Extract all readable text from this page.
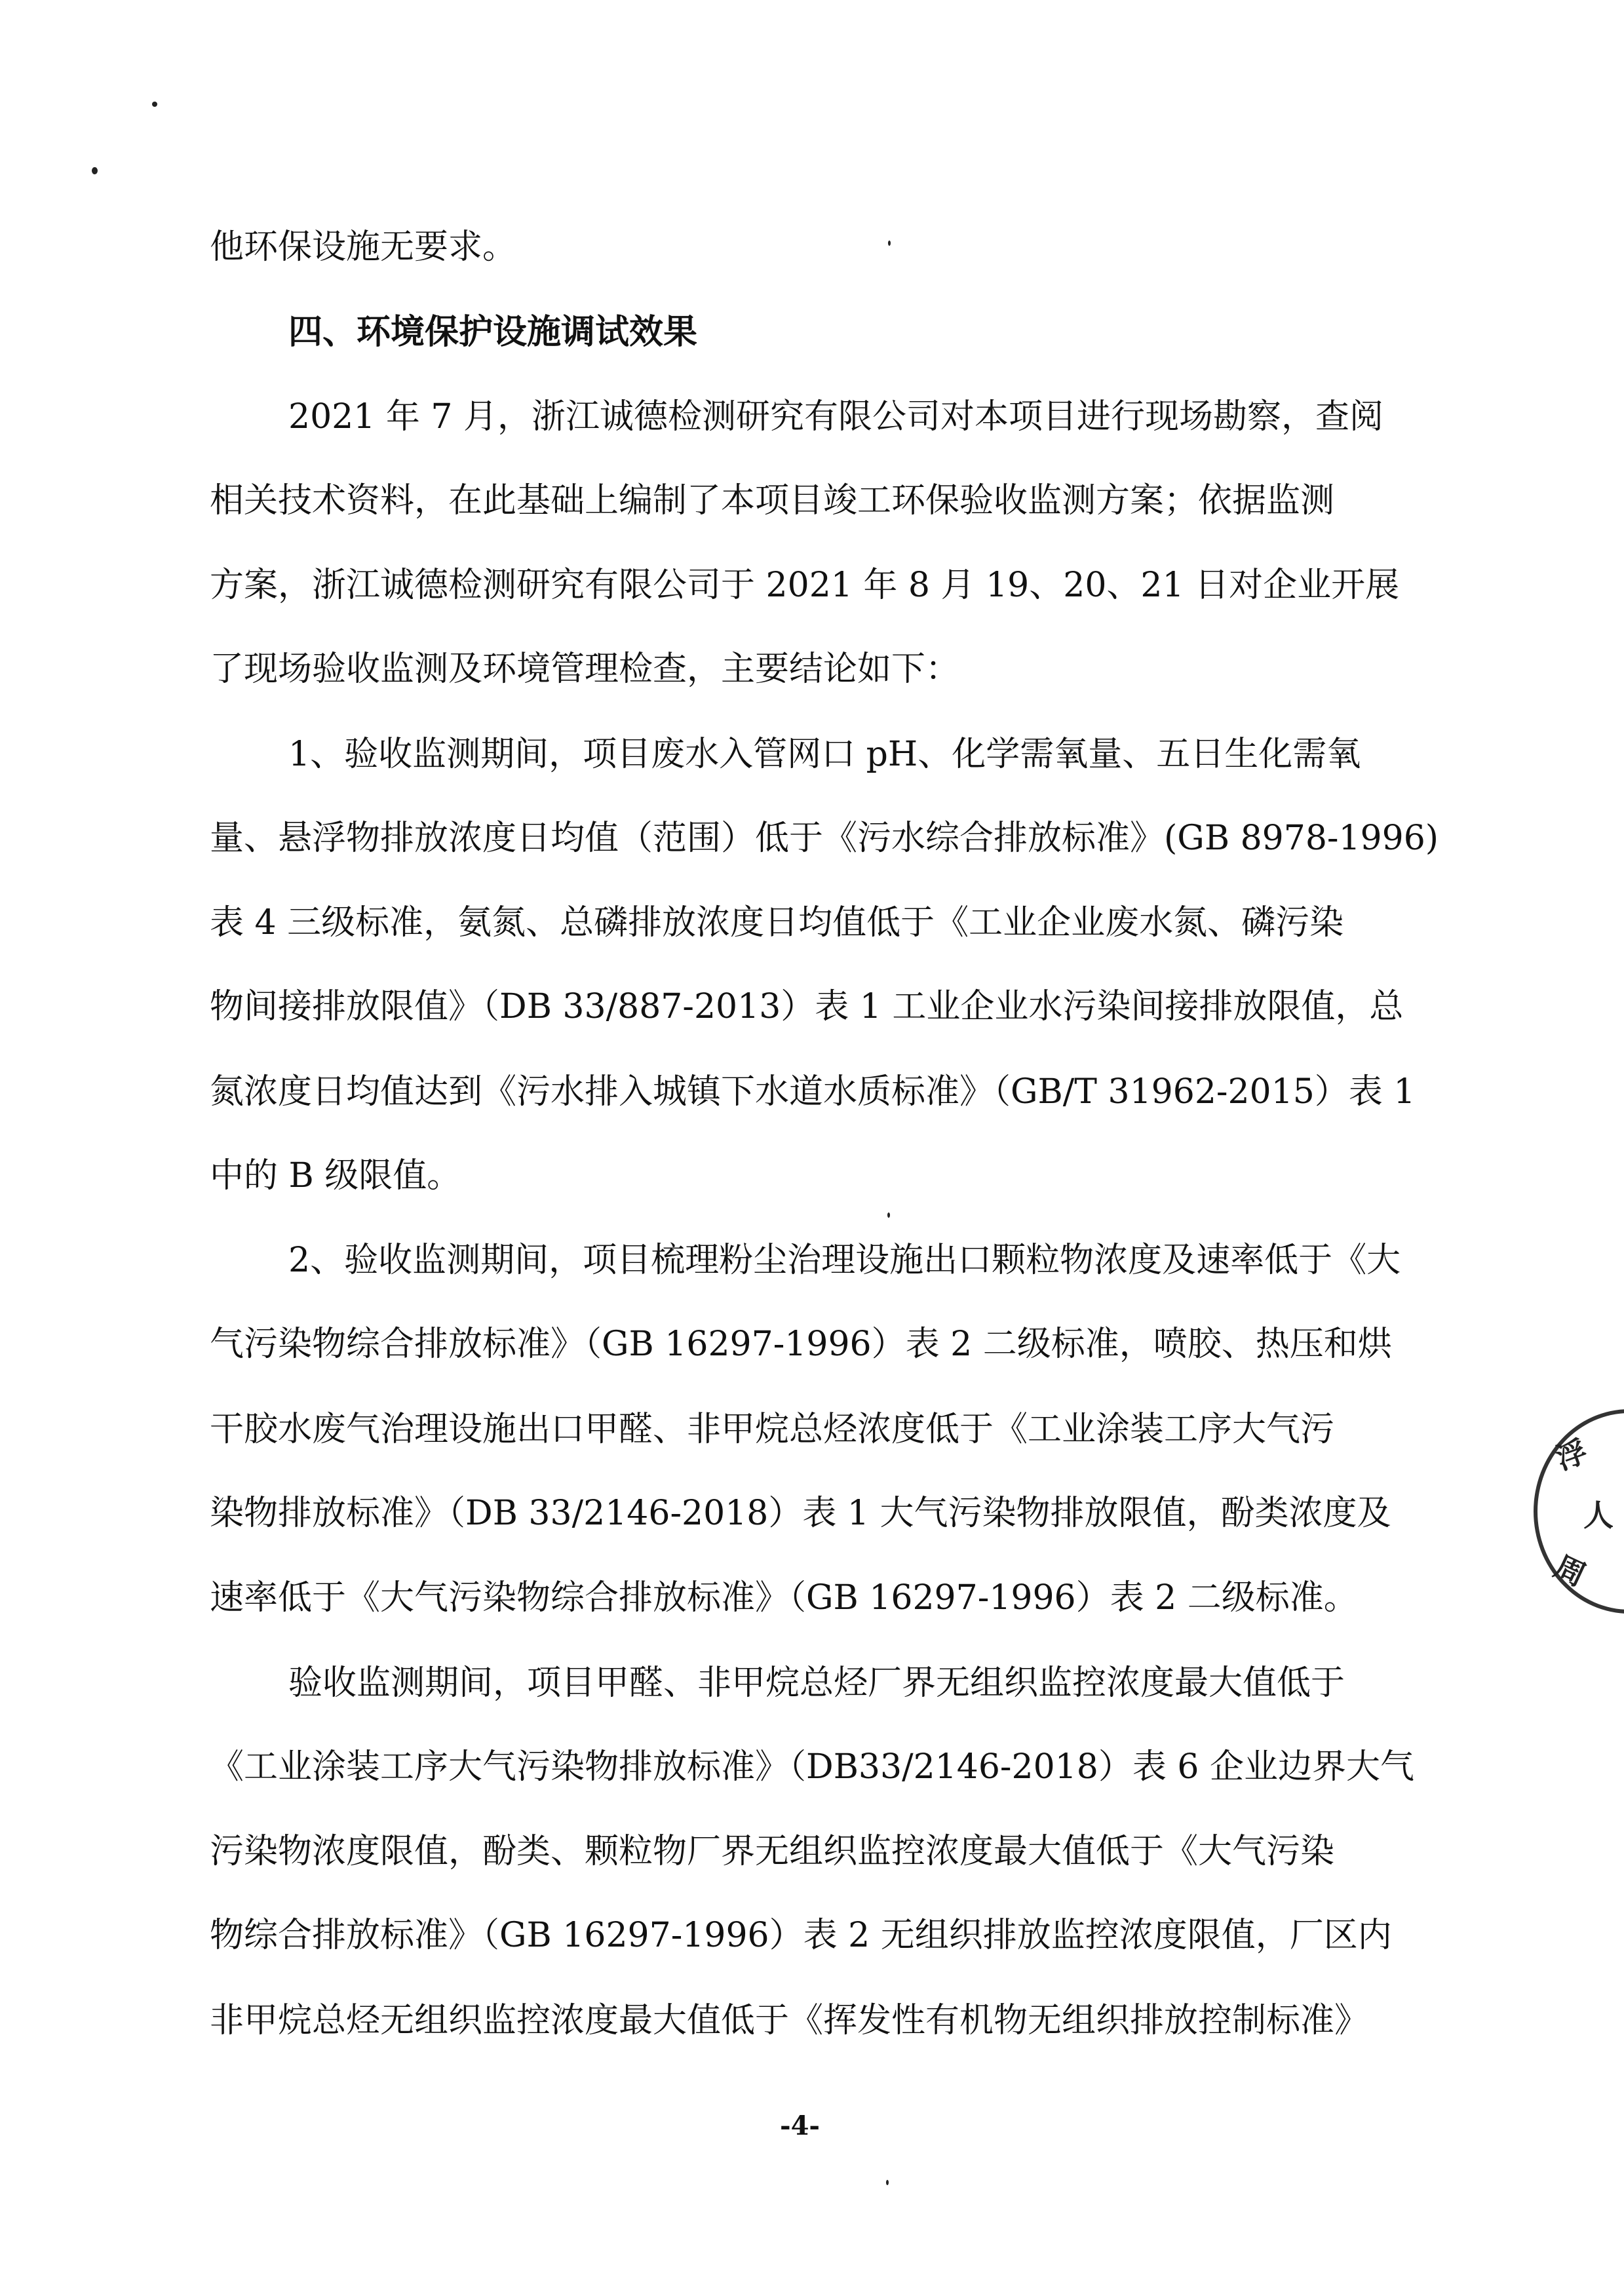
他环保设施无要求。
四、环境保护设施调试效果
2021 年 7 月，浙江诚德检测研究有限公司对本项目进行现场勘察，查阅
相关技术资料，在此基础上编制了本项目竣工环保验收监测方案；依据监测
方案，浙江诚德检测研究有限公司于 2021 年 8 月 19、20、21 日对企业开展
了现场验收监测及环境管理检查，主要结论如下：
1、验收监测期间，项目废水入管网口 pH、化学需氧量、五日生化需氧
量、悬浮物排放浓度日均值（范围）低于《污水综合排放标准》(GB 8978-1996)
表 4 三级标准，氨氮、总磷排放浓度日均值低于《工业企业废水氮、磷污染
物间接排放限值》（DB 33/887-2013）表 1 工业企业水污染间接排放限值，总
氮浓度日均值达到《污水排入城镇下水道水质标准》（GB/T 31962-2015）表 1
中的 B 级限值。
2、验收监测期间，项目梳理粉尘治理设施出口颗粒物浓度及速率低于《大
气污染物综合排放标准》（GB 16297-1996）表 2 二级标准，喷胶、热压和烘
干胶水废气治理设施出口甲醛、非甲烷总烃浓度低于《工业涂装工序大气污
染物排放标准》（DB 33/2146-2018）表 1 大气污染物排放限值，酚类浓度及
速率低于《大气污染物综合排放标准》（GB 16297-1996）表 2 二级标准。
验收监测期间，项目甲醛、非甲烷总烃厂界无组织监控浓度最大值低于
《工业涂装工序大气污染物排放标准》（DB33/2146-2018）表 6 企业边界大气
污染物浓度限值，酚类、颗粒物厂界无组织监控浓度最大值低于《大气污染
物综合排放标准》（GB 16297-1996）表 2 无组织排放监控浓度限值，厂区内
非甲烷总烃无组织监控浓度最大值低于《挥发性有机物无组织排放控制标准》
-4-
浮
人
周
